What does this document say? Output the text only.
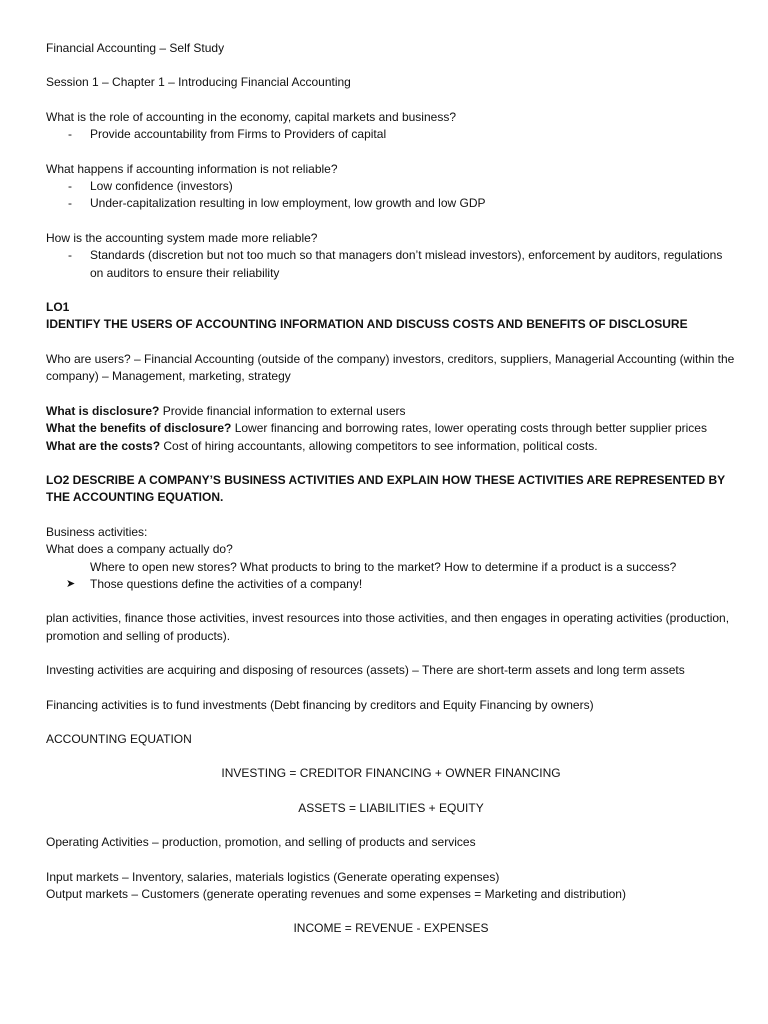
Financial Accounting – Self Study

Session 1 – Chapter 1 – Introducing Financial Accounting

What is the role of accounting in the economy, capital markets and business?

- Provide accountability from Firms to Providers of capital

What happens if accounting information is not reliable?

- Low confidence (investors)

- Under-capitalization resulting in low employment, low growth and low GDP

How is the accounting system made more reliable?

- Standards (discretion but not too much so that managers don’t mislead investors), enforcement by auditors, regulations on auditors to ensure their reliability

LO1

IDENTIFY THE USERS OF ACCOUNTING INFORMATION AND DISCUSS COSTS AND BENEFITS OF DISCLOSURE

Who are users? – Financial Accounting (outside of the company) investors, creditors, suppliers, Managerial Accounting (within the company) – Management, marketing, strategy

What is disclosure? Provide financial information to external users

What the benefits of disclosure? Lower financing and borrowing rates, lower operating costs through better supplier prices

What are the costs? Cost of hiring accountants, allowing competitors to see information, political costs.

LO2 DESCRIBE A COMPANY’S BUSINESS ACTIVITIES AND EXPLAIN HOW THESE ACTIVITIES ARE REPRESENTED BY THE ACCOUNTING EQUATION.

Business activities:

What does a company actually do?

Where to open new stores? What products to bring to the market? How to determine if a product is a success?

➤ Those questions define the activities of a company!

plan activities, finance those activities, invest resources into those activities, and then engages in operating activities (production, promotion and selling of products).

Investing activities are acquiring and disposing of resources (assets) – There are short-term assets and long term assets

Financing activities is to fund investments (Debt financing by creditors and Equity Financing by owners)

ACCOUNTING EQUATION

INVESTING = CREDITOR FINANCING + OWNER FINANCING

ASSETS = LIABILITIES + EQUITY

Operating Activities – production, promotion, and selling of products and services

Input markets – Inventory, salaries, materials logistics (Generate operating expenses)

Output markets – Customers (generate operating revenues and some expenses = Marketing and distribution)

INCOME = REVENUE - EXPENSES
